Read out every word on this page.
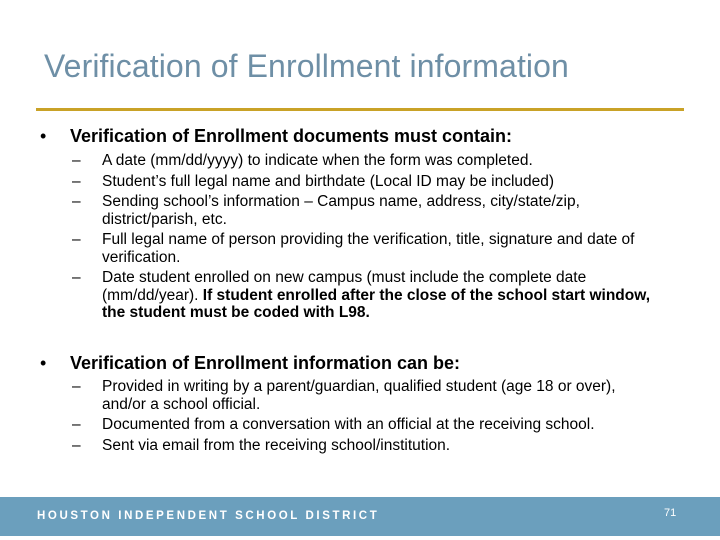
Verification of Enrollment information
• Verification of Enrollment documents must contain:
– A date (mm/dd/yyyy) to indicate when the form was completed.
– Student’s full legal name and birthdate (Local ID may be included)
– Sending school’s information – Campus name, address, city/state/zip, district/parish, etc.
– Full legal name of person providing the verification, title, signature and date of verification.
– Date student enrolled on new campus (must include the complete date (mm/dd/year). If student enrolled after the close of the school start window, the student must be coded with L98.
• Verification of Enrollment information can be:
– Provided in writing by a parent/guardian, qualified student (age 18 or over), and/or a school official.
– Documented from a conversation with an official at the receiving school.
– Sent via email from the receiving school/institution.
HOUSTON INDEPENDENT SCHOOL DISTRICT	71
